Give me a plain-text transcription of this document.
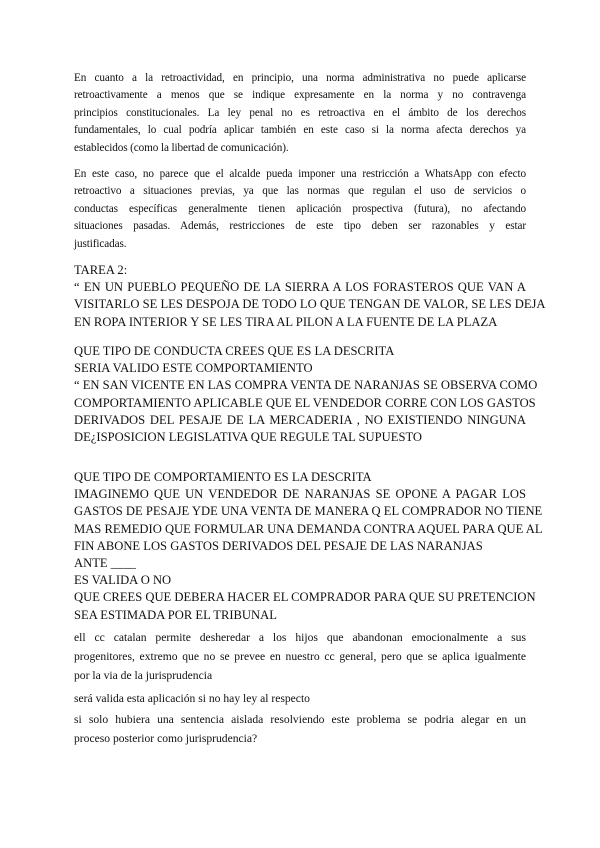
En cuanto a la retroactividad, en principio, una norma administrativa no puede aplicarse
retroactivamente a menos que se indique expresamente en la norma y no contravenga
principios constitucionales. La ley penal no es retroactiva en el ámbito de los derechos
fundamentales, lo cual podría aplicar también en este caso si la norma afecta derechos ya
establecidos (como la libertad de comunicación).
En este caso, no parece que el alcalde pueda imponer una restricción a WhatsApp con efecto
retroactivo a situaciones previas, ya que las normas que regulan el uso de servicios o
conductas específicas generalmente tienen aplicación prospectiva (futura), no afectando
situaciones pasadas. Además, restricciones de este tipo deben ser razonables y estar
justificadas.
TAREA 2:
“ EN UN PUEBLO PEQUEÑO DE LA SIERRA A LOS FORASTEROS QUE VAN A
VISITARLO SE LES DESPOJA DE TODO LO QUE TENGAN DE VALOR, SE LES DEJA
EN ROPA INTERIOR Y SE LES TIRA AL PILON A LA FUENTE DE LA PLAZA
QUE TIPO DE CONDUCTA CREES QUE ES LA DESCRITA
SERIA VALIDO ESTE COMPORTAMIENTO
“ EN SAN VICENTE EN LAS COMPRA VENTA DE NARANJAS SE OBSERVA COMO
COMPORTAMIENTO APLICABLE QUE EL VENDEDOR CORRE CON LOS GASTOS
DERIVADOS DEL PESAJE DE LA MERCADERIA , NO EXISTIENDO NINGUNA
DE¿ISPOSICION LEGISLATIVA QUE REGULE TAL SUPUESTO
QUE TIPO DE COMPORTAMIENTO ES LA DESCRITA
IMAGINEMO QUE UN VENDEDOR DE NARANJAS SE OPONE A PAGAR LOS
GASTOS DE PESAJE YDE UNA VENTA DE MANERA Q EL COMPRADOR NO TIENE
MAS REMEDIO QUE FORMULAR UNA DEMANDA CONTRA AQUEL PARA QUE AL
FIN ABONE LOS GASTOS DERIVADOS DEL PESAJE DE LAS NARANJAS
ANTE ____
ES VALIDA O NO
QUE CREES QUE DEBERA HACER EL COMPRADOR PARA QUE SU PRETENCION
SEA ESTIMADA POR EL TRIBUNAL
ell cc catalan permite desheredar a los hijos que abandonan emocionalmente a sus
progenitores, extremo que no se prevee en nuestro cc general, pero que se aplica igualmente
por la via de la jurisprudencia
será valida esta aplicación si no hay ley al respecto
si solo hubiera una sentencia aislada resolviendo este problema se podria alegar en un
proceso posterior como jurisprudencia?
